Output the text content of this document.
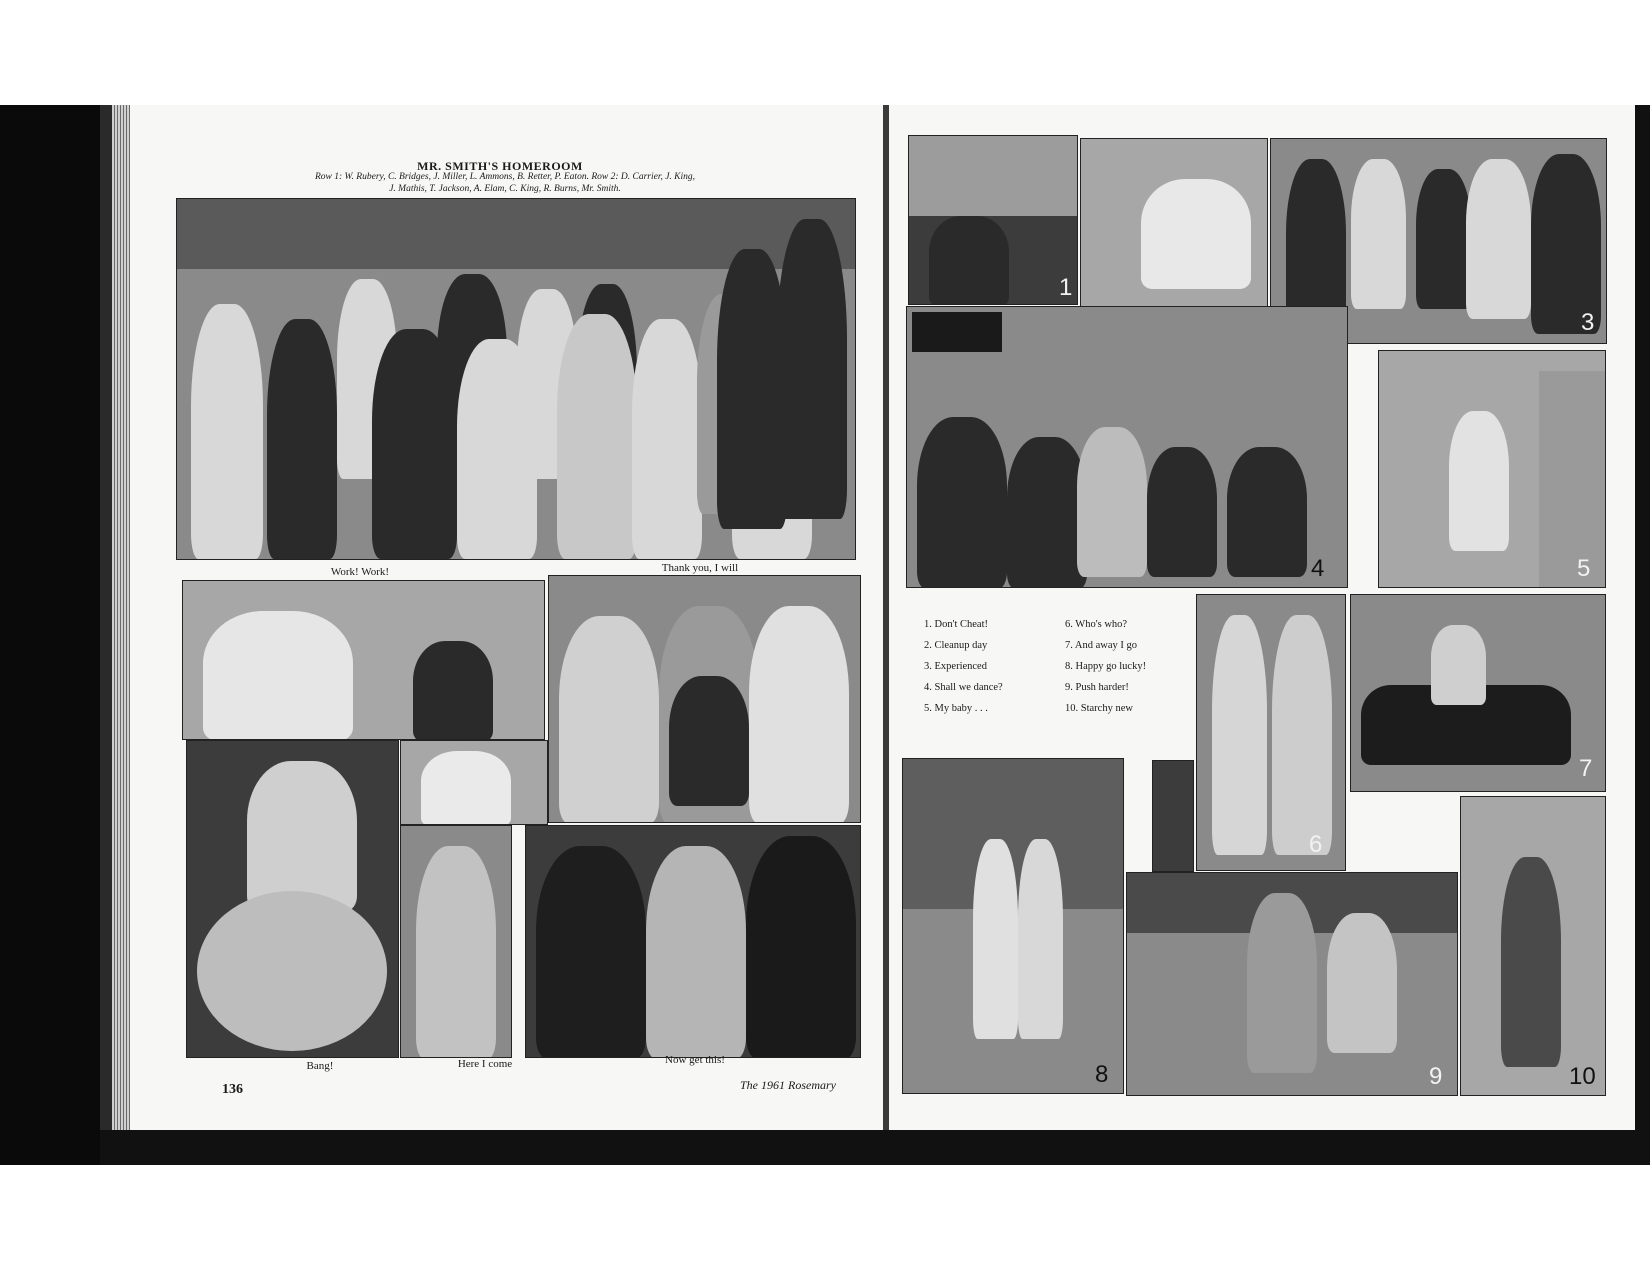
MR. SMITH'S HOMEROOM
Row 1: W. Rubery, C. Bridges, J. Miller, L. Ammons, B. Retter, P. Eaton. Row 2: D. Carrier, J. King,
J. Mathis, T. Jackson, A. Elam, C. King, R. Burns, Mr. Smith.
Work! Work!	Thank you, I will
Bang!	Here I come	Now get this!
136	The 1961 Rosemary
1
3
4	5
1. Don't Cheat!
2. Cleanup day
3. Experienced
4. Shall we dance?
5. My baby . . .
6. Who's who?
7. And away I go
8. Happy go lucky!
9. Push harder!
10. Starchy new
6
7
8	9	10
